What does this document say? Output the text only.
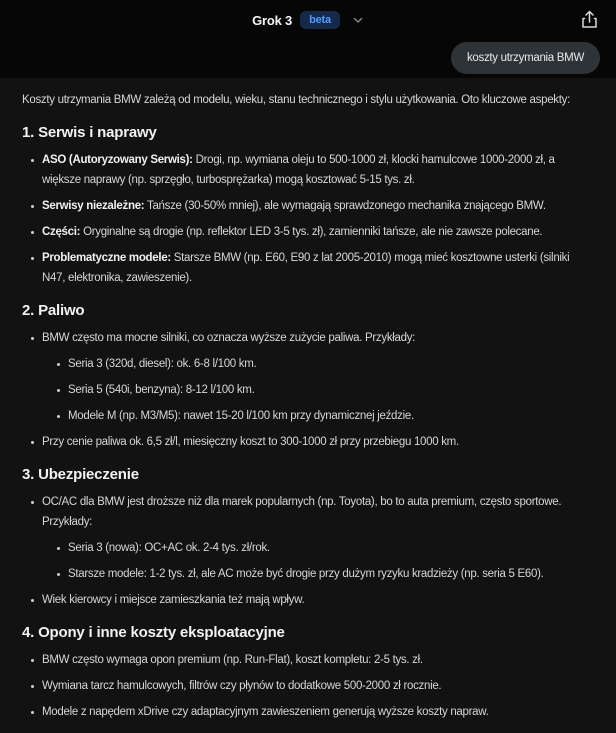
Grok 3	beta
koszty utrzymania BMW

Koszty utrzymania BMW zależą od modelu, wieku, stanu technicznego i stylu użytkowania. Oto kluczowe aspekty:

1. Serwis i naprawy
ASO (Autoryzowany Serwis): Drogi, np. wymiana oleju to 500-1000 zł, klocki hamulcowe 1000-2000 zł, a większe naprawy (np. sprzęgło, turbosprężarka) mogą kosztować 5-15 tys. zł.
Serwisy niezależne: Tańsze (30-50% mniej), ale wymagają sprawdzonego mechanika znającego BMW.
Części: Oryginalne są drogie (np. reflektor LED 3-5 tys. zł), zamienniki tańsze, ale nie zawsze polecane.
Problematyczne modele: Starsze BMW (np. E60, E90 z lat 2005-2010) mogą mieć kosztowne usterki (silniki N47, elektronika, zawieszenie).
2. Paliwo
BMW często ma mocne silniki, co oznacza wyższe zużycie paliwa. Przykłady:
Seria 3 (320d, diesel): ok. 6-8 l/100 km.
Seria 5 (540i, benzyna): 8-12 l/100 km.
Modele M (np. M3/M5): nawet 15-20 l/100 km przy dynamicznej jeździe.
Przy cenie paliwa ok. 6,5 zł/l, miesięczny koszt to 300-1000 zł przy przebiegu 1000 km.
3. Ubezpieczenie
OC/AC dla BMW jest droższe niż dla marek popularnych (np. Toyota), bo to auta premium, często sportowe. Przykłady:
Seria 3 (nowa): OC+AC ok. 2-4 tys. zł/rok.
Starsze modele: 1-2 tys. zł, ale AC może być drogie przy dużym ryzyku kradzieży (np. seria 5 E60).
Wiek kierowcy i miejsce zamieszkania też mają wpływ.
4. Opony i inne koszty eksploatacyjne
BMW często wymaga opon premium (np. Run-Flat), koszt kompletu: 2-5 tys. zł.
Wymiana tarcz hamulcowych, filtrów czy płynów to dodatkowe 500-2000 zł rocznie.
Modele z napędem xDrive czy adaptacyjnym zawieszeniem generują wyższe koszty napraw.
